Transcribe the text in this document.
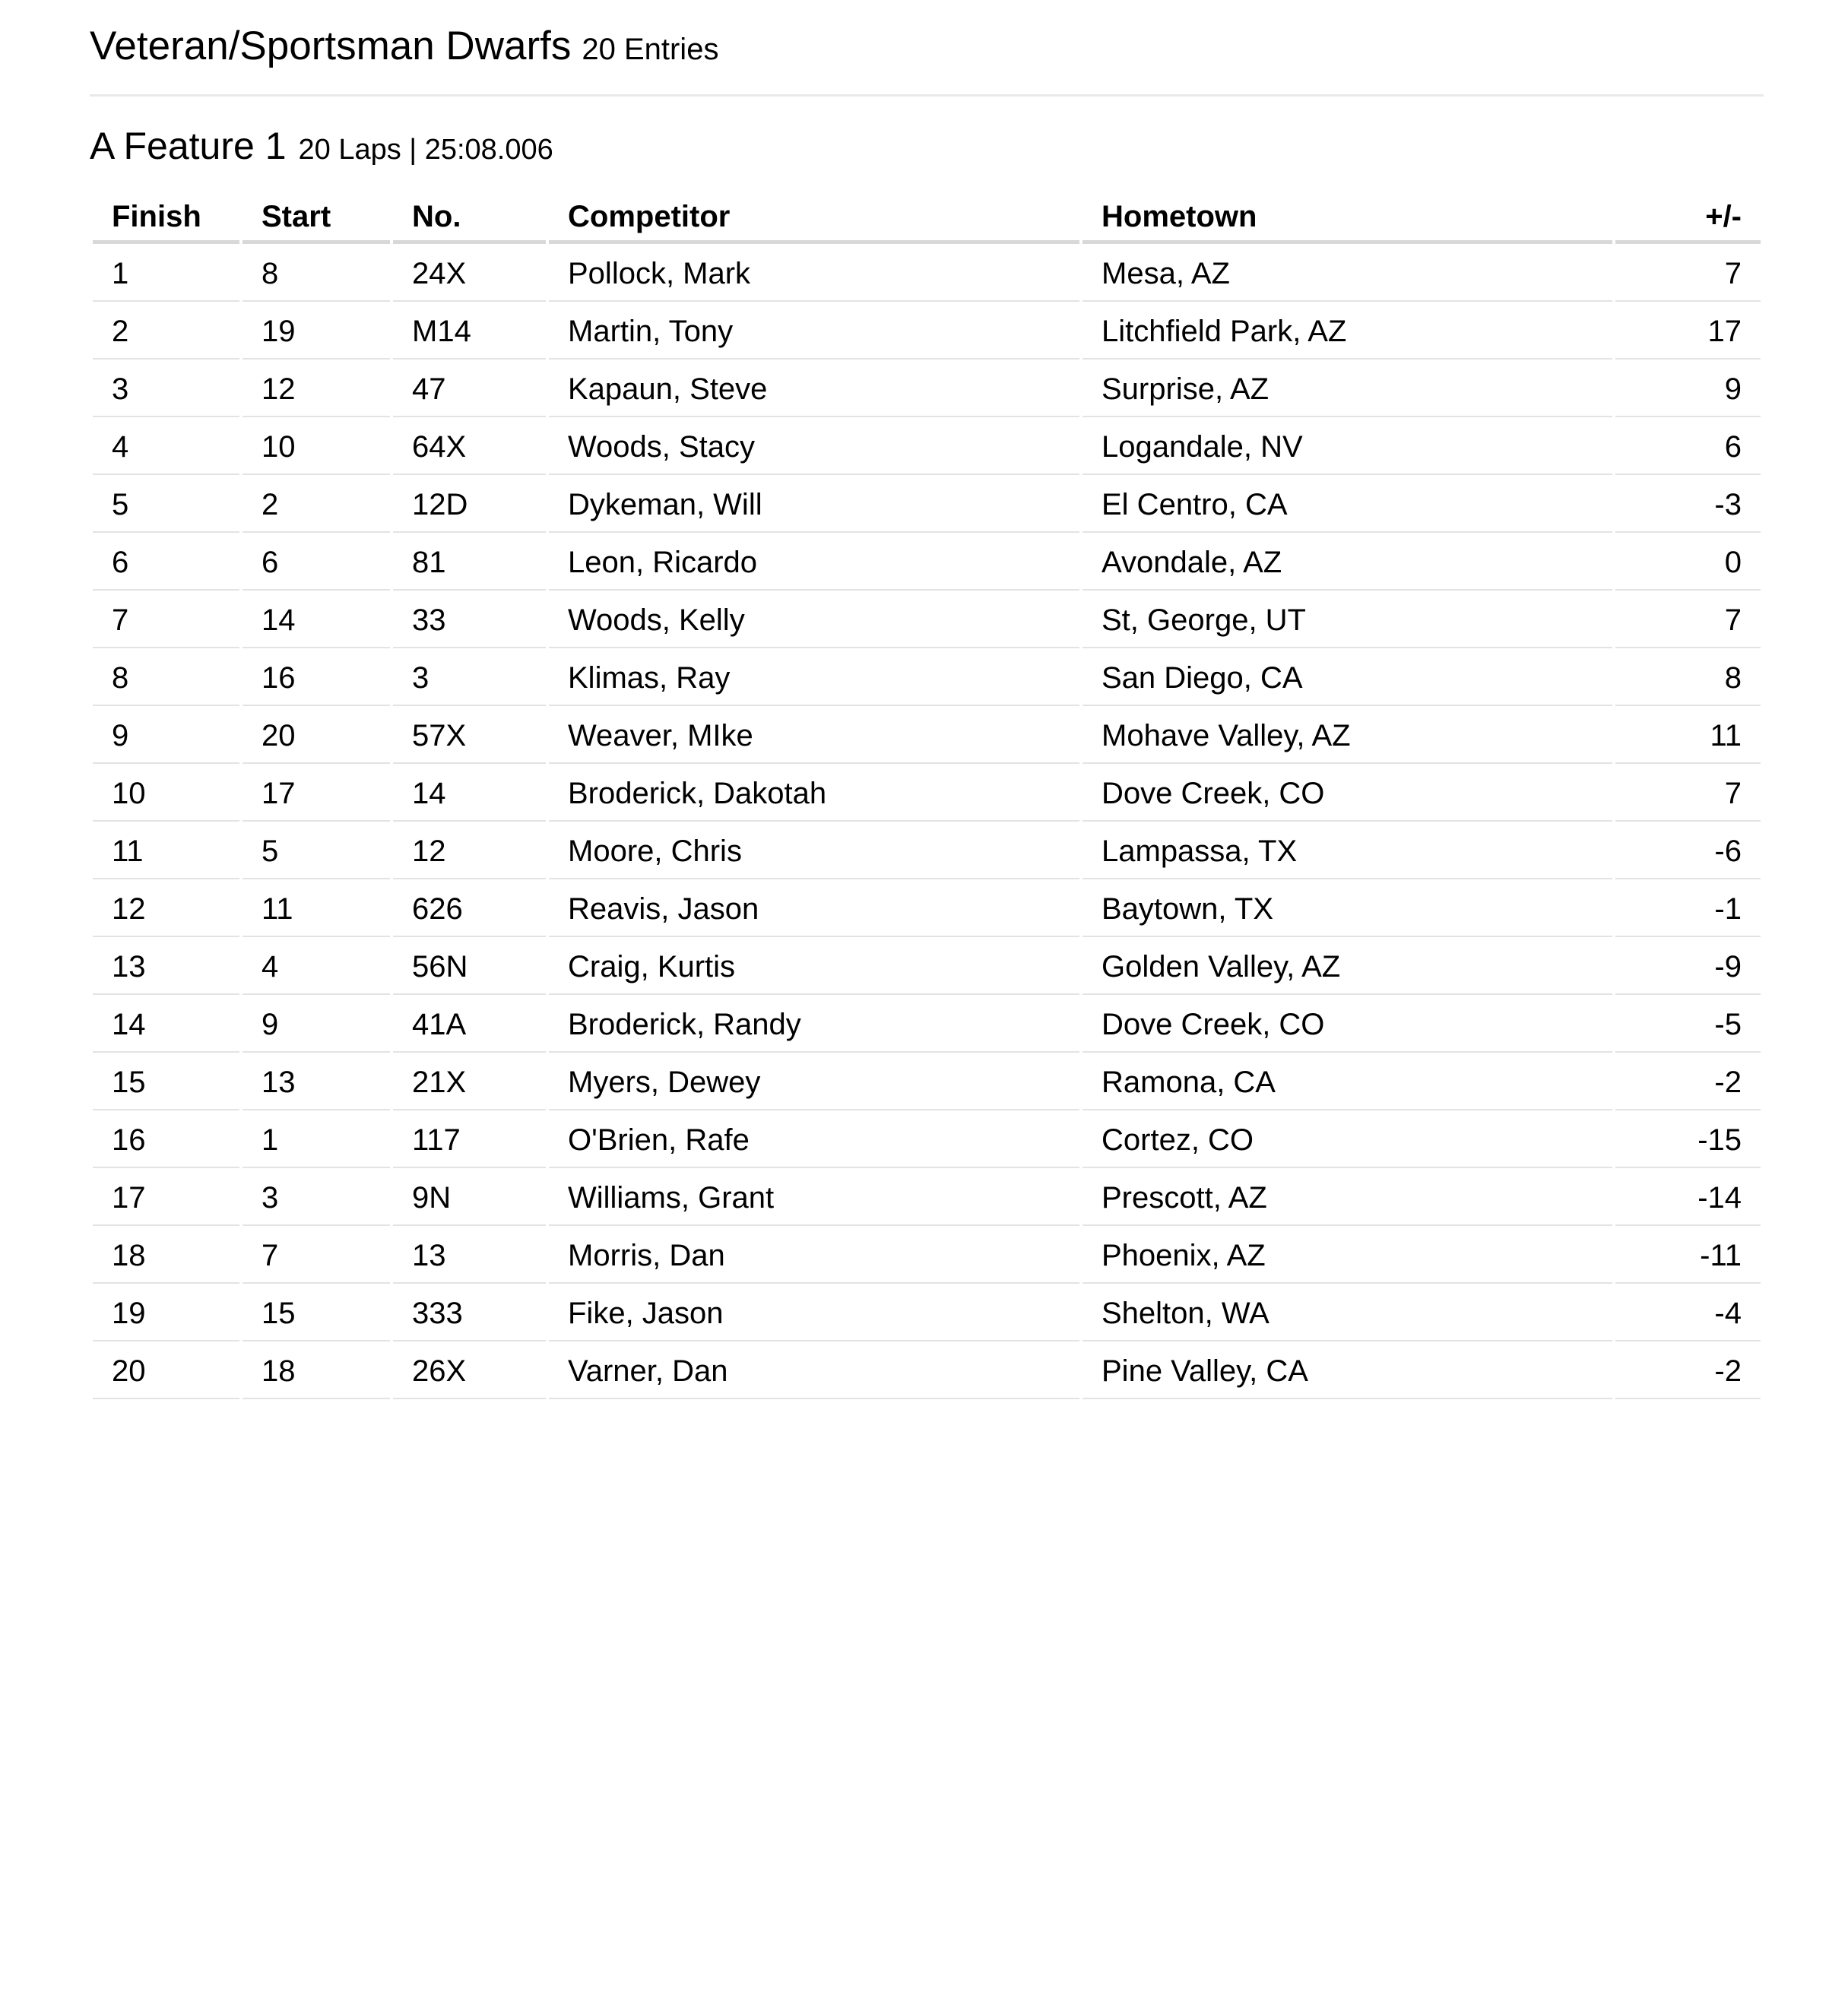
Veteran/Sportsman Dwarfs 20 Entries
A Feature 1 20 Laps | 25:08.006
Finish	Start	No.	Competitor	Hometown	+/-
1	8	24X	Pollock, Mark	Mesa, AZ	7
2	19	M14	Martin, Tony	Litchfield Park, AZ	17
3	12	47	Kapaun, Steve	Surprise, AZ	9
4	10	64X	Woods, Stacy	Logandale, NV	6
5	2	12D	Dykeman, Will	El Centro, CA	-3
6	6	81	Leon, Ricardo	Avondale, AZ	0
7	14	33	Woods, Kelly	St, George, UT	7
8	16	3	Klimas, Ray	San Diego, CA	8
9	20	57X	Weaver, MIke	Mohave Valley, AZ	11
10	17	14	Broderick, Dakotah	Dove Creek, CO	7
11	5	12	Moore, Chris	Lampassa, TX	-6
12	11	626	Reavis, Jason	Baytown, TX	-1
13	4	56N	Craig, Kurtis	Golden Valley, AZ	-9
14	9	41A	Broderick, Randy	Dove Creek, CO	-5
15	13	21X	Myers, Dewey	Ramona, CA	-2
16	1	117	O'Brien, Rafe	Cortez, CO	-15
17	3	9N	Williams, Grant	Prescott, AZ	-14
18	7	13	Morris, Dan	Phoenix, AZ	-11
19	15	333	Fike, Jason	Shelton, WA	-4
20	18	26X	Varner, Dan	Pine Valley, CA	-2
